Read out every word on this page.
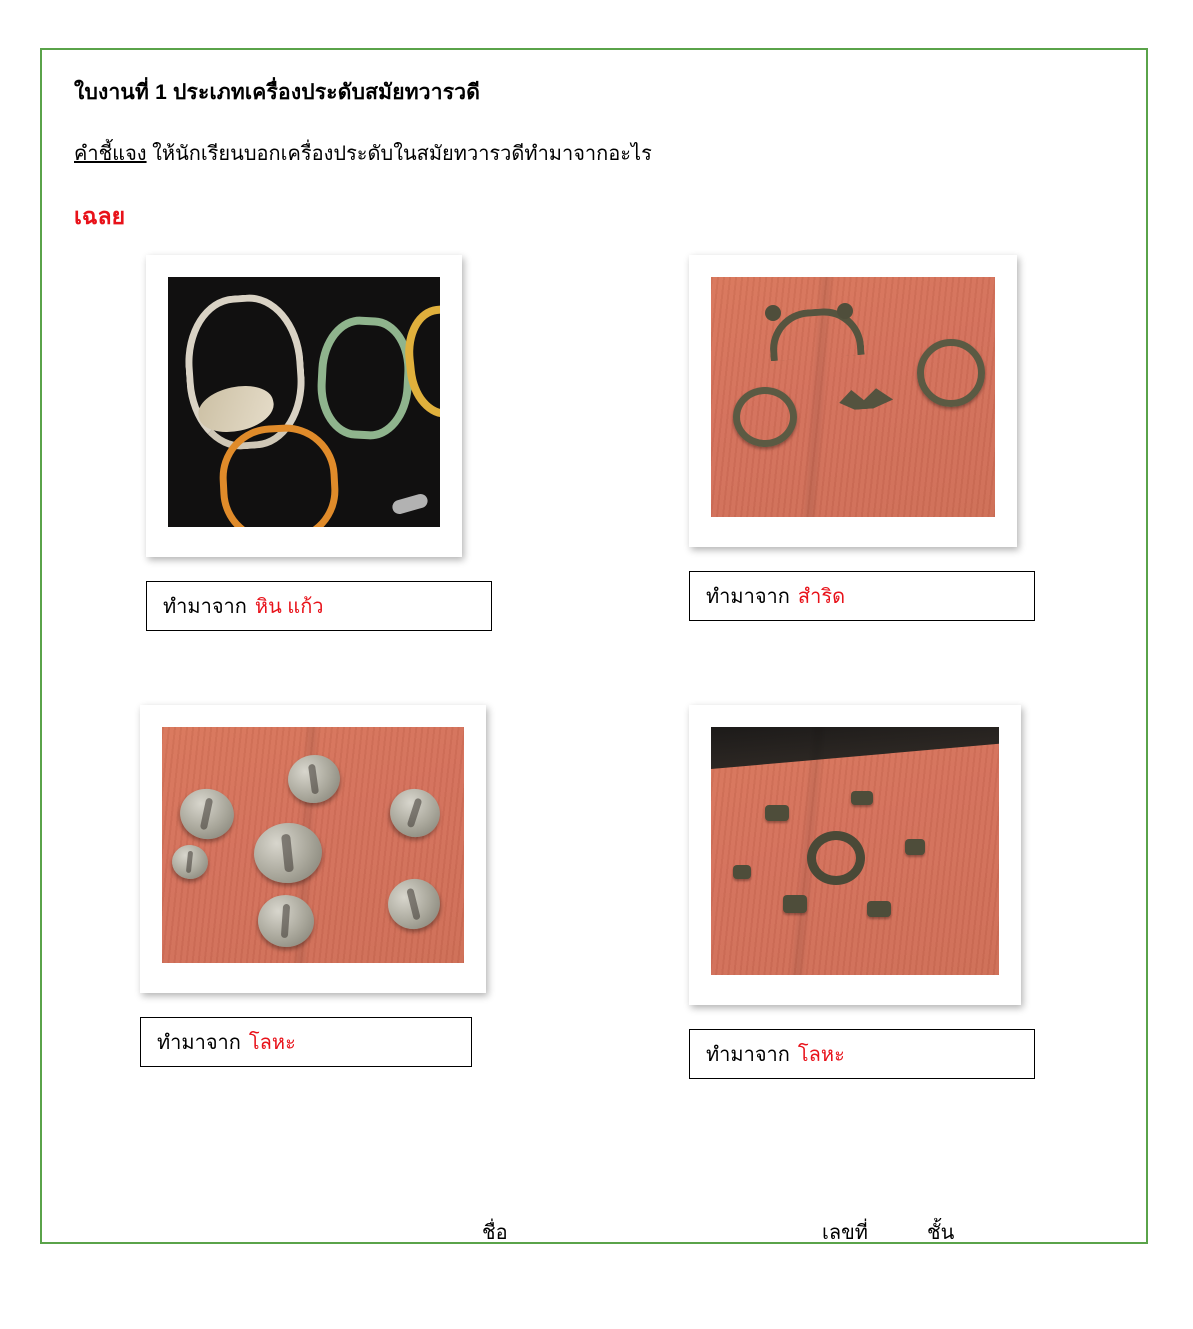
ใบงานที่ 1 ประเภทเครื่องประดับสมัยทวารวดี
คำชี้แจง ให้นักเรียนบอกเครื่องประดับในสมัยทวารวดีทำมาจากอะไร
เฉลย
ทำมาจาก หิน แก้ว	ทำมาจาก สำริด
ทำมาจาก โลหะ
ทำมาจาก โลหะ
ชื่อ	เลขที่	ชั้น
